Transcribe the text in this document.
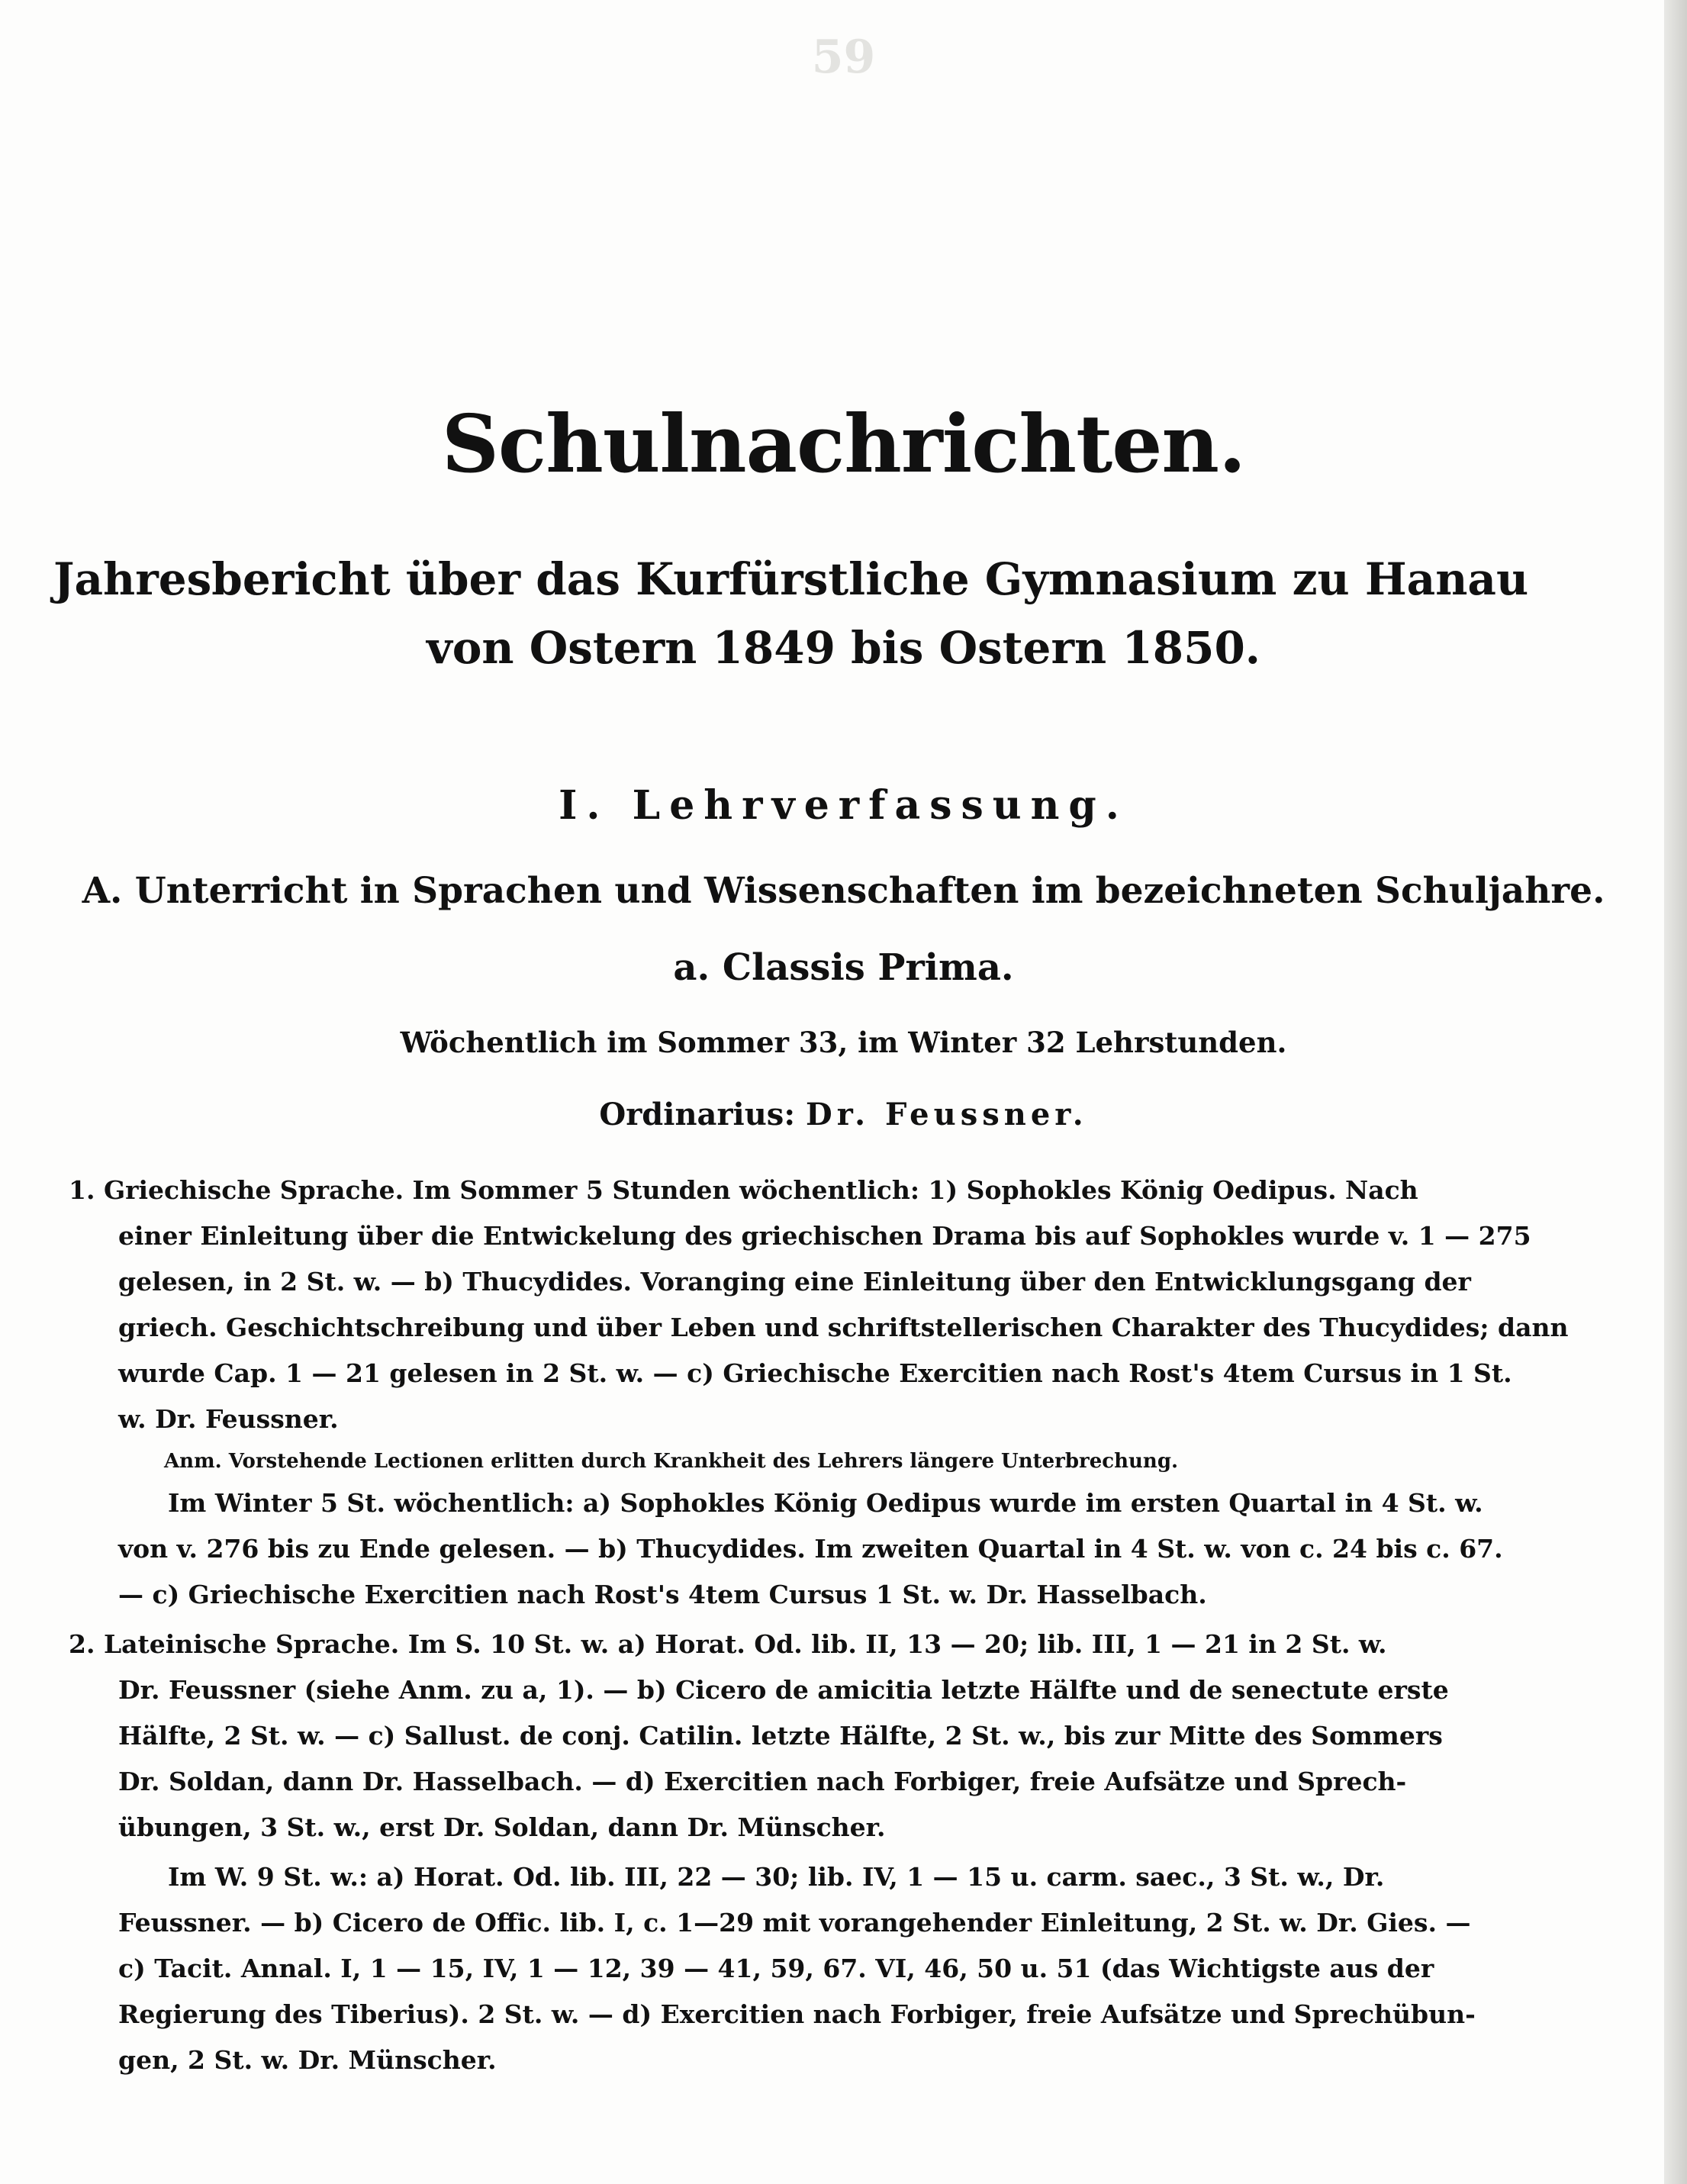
59
Schulnachrichten.

Jahresbericht über das Kurfürstliche Gymnasium zu Hanau

von Ostern 1849 bis Ostern 1850.

I. Lehrverfassung.
A. Unterricht in Sprachen und Wissenschaften im bezeichneten Schuljahre.
a. Classis Prima.

Wöchentlich im Sommer 33, im Winter 32 Lehrstunden.

Ordinarius: Dr. Feussner.

1. Griechische Sprache. Im Sommer 5 Stunden wöchentlich: 1) Sophokles König Oedipus. Nach

einer Einleitung über die Entwickelung des griechischen Drama bis auf Sophokles wurde v. 1 — 275

gelesen, in 2 St. w. — b) Thucydides. Voranging eine Einleitung über den Entwicklungsgang der

griech. Geschichtschreibung und über Leben und schriftstellerischen Charakter des Thucydides; dann

wurde Cap. 1 — 21 gelesen in 2 St. w. — c) Griechische Exercitien nach Rost's 4tem Cursus in 1 St.

w. Dr. Feussner.

Anm. Vorstehende Lectionen erlitten durch Krankheit des Lehrers längere Unterbrechung.

Im Winter 5 St. wöchentlich: a) Sophokles König Oedipus wurde im ersten Quartal in 4 St. w.

von v. 276 bis zu Ende gelesen. — b) Thucydides. Im zweiten Quartal in 4 St. w. von c. 24 bis c. 67.

— c) Griechische Exercitien nach Rost's 4tem Cursus 1 St. w. Dr. Hasselbach.

2. Lateinische Sprache. Im S. 10 St. w. a) Horat. Od. lib. II, 13 — 20; lib. III, 1 — 21 in 2 St. w.

Dr. Feussner (siehe Anm. zu a, 1). — b) Cicero de amicitia letzte Hälfte und de senectute erste

Hälfte, 2 St. w. — c) Sallust. de conj. Catilin. letzte Hälfte, 2 St. w., bis zur Mitte des Sommers

Dr. Soldan, dann Dr. Hasselbach. — d) Exercitien nach Forbiger, freie Aufsätze und Sprech-

übungen, 3 St. w., erst Dr. Soldan, dann Dr. Münscher.

Im W. 9 St. w.: a) Horat. Od. lib. III, 22 — 30; lib. IV, 1 — 15 u. carm. saec., 3 St. w., Dr.

Feussner. — b) Cicero de Offic. lib. I, c. 1—29 mit vorangehender Einleitung, 2 St. w. Dr. Gies. —

c) Tacit. Annal. I, 1 — 15, IV, 1 — 12, 39 — 41, 59, 67. VI, 46, 50 u. 51 (das Wichtigste aus der

Regierung des Tiberius). 2 St. w. — d) Exercitien nach Forbiger, freie Aufsätze und Sprechübun-

gen, 2 St. w. Dr. Münscher.
